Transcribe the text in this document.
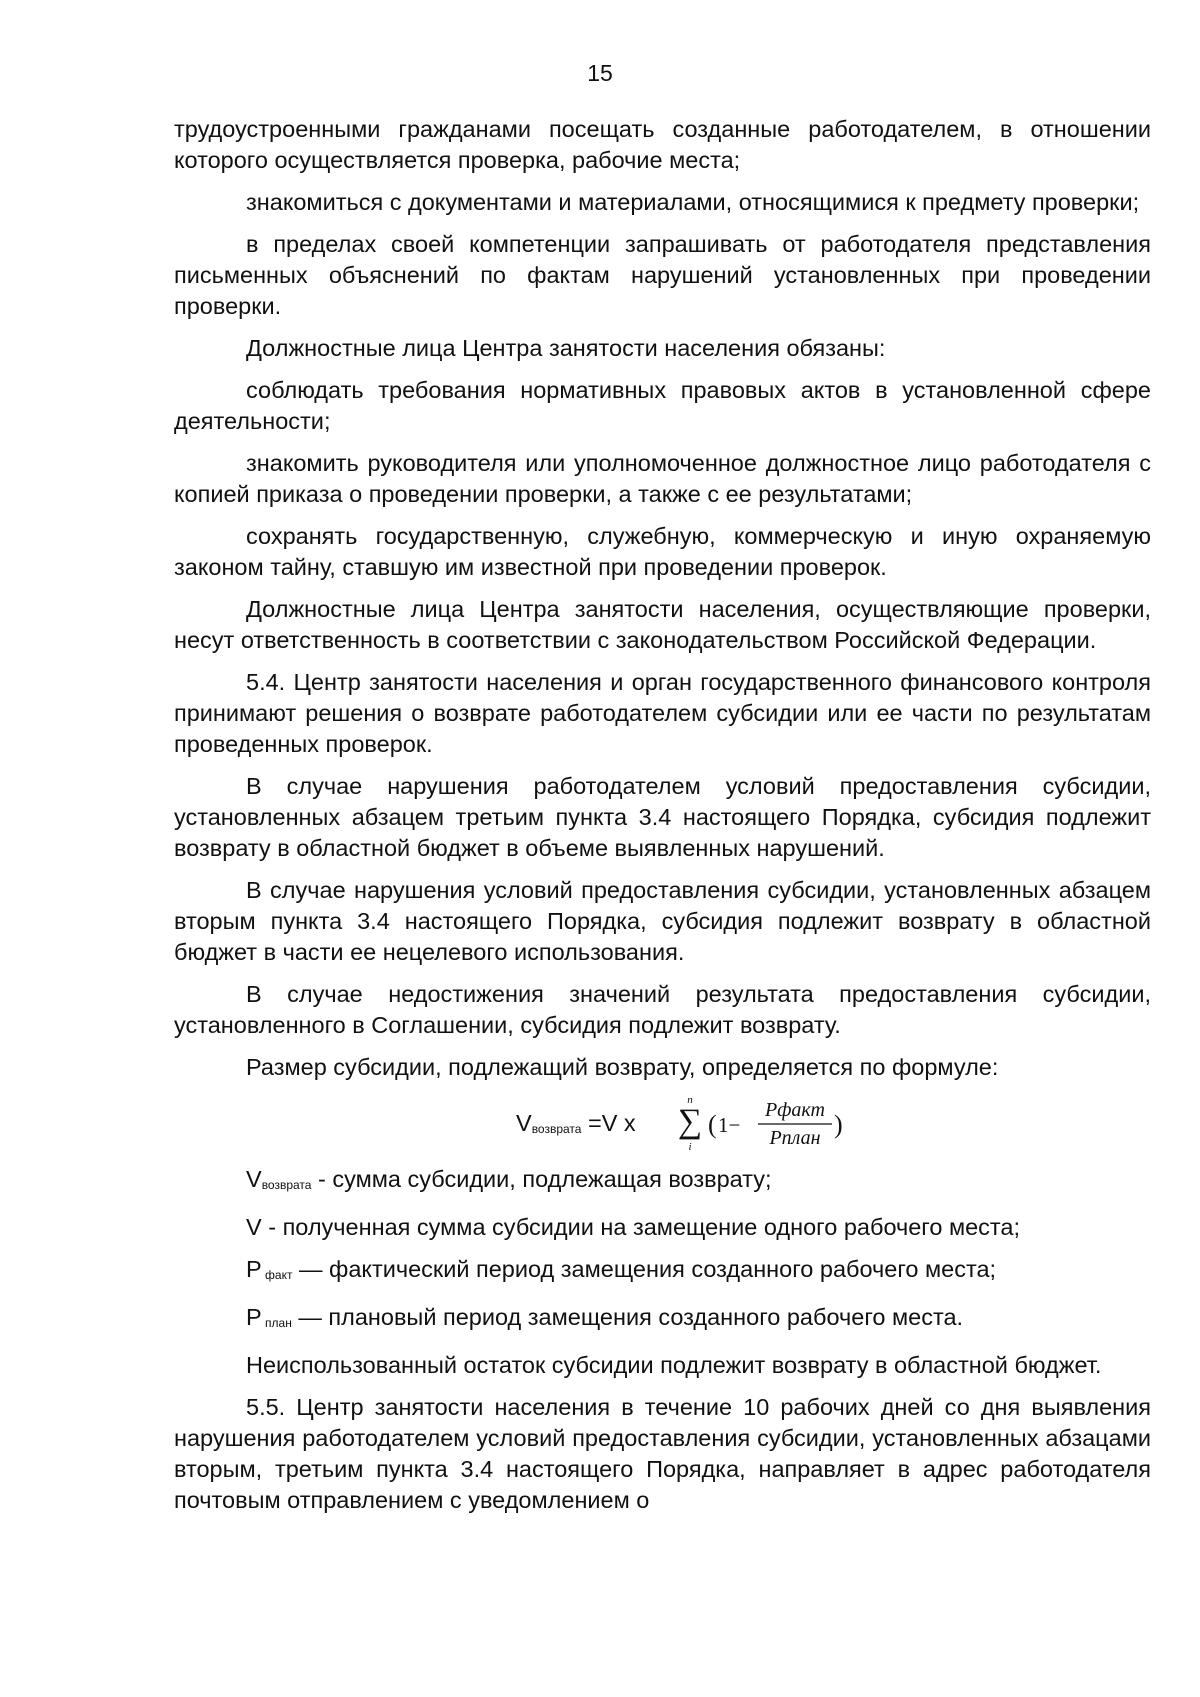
15

трудоустроенными гражданами посещать созданные работодателем, в отношении которого осуществляется проверка, рабочие места;

знакомиться с документами и материалами, относящимися к предмету проверки;

в пределах своей компетенции запрашивать от работодателя представления письменных объяснений по фактам нарушений установленных при проведении проверки.

Должностные лица Центра занятости населения обязаны:

соблюдать требования нормативных правовых актов в установленной сфере деятельности;

знакомить руководителя или уполномоченное должностное лицо работодателя с копией приказа о проведении проверки, а также с ее результатами;

сохранять государственную, служебную, коммерческую и иную охраняемую законом тайну, ставшую им известной при проведении проверок.

Должностные лица Центра занятости населения, осуществляющие проверки, несут ответственность в соответствии с законодательством Российской Федерации.

5.4. Центр занятости населения и орган государственного финансового контроля принимают решения о возврате работодателем субсидии или ее части по результатам проведенных проверок.

В случае нарушения работодателем условий предоставления субсидии, установленных абзацем третьим пункта 3.4 настоящего Порядка, субсидия подлежит возврату в областной бюджет в объеме выявленных нарушений.

В случае нарушения условий предоставления субсидии, установленных абзацем вторым пункта 3.4 настоящего Порядка, субсидия подлежит возврату в областной бюджет в части ее нецелевого использования.

В случае недостижения значений результата предоставления субсидии, установленного в Соглашении, субсидия подлежит возврату.

Размер субсидии, подлежащий возврату, определяется по формуле:

Vвозврата =V x
n
∑
i
( 1−
Рфакт
Рплан )

Vвозврата - сумма субсидии, подлежащая возврату;

V - полученная сумма субсидии на замещение одного рабочего места;

Р факт — фактический период замещения созданного рабочего места;

Р план — плановый период замещения созданного рабочего места.

Неиспользованный остаток субсидии подлежит возврату в областной бюджет.

5.5. Центр занятости населения в течение 10 рабочих дней со дня выявления нарушения работодателем условий предоставления субсидии, установленных абзацами вторым, третьим пункта 3.4 настоящего Порядка, направляет в адрес работодателя почтовым отправлением с уведомлением о
